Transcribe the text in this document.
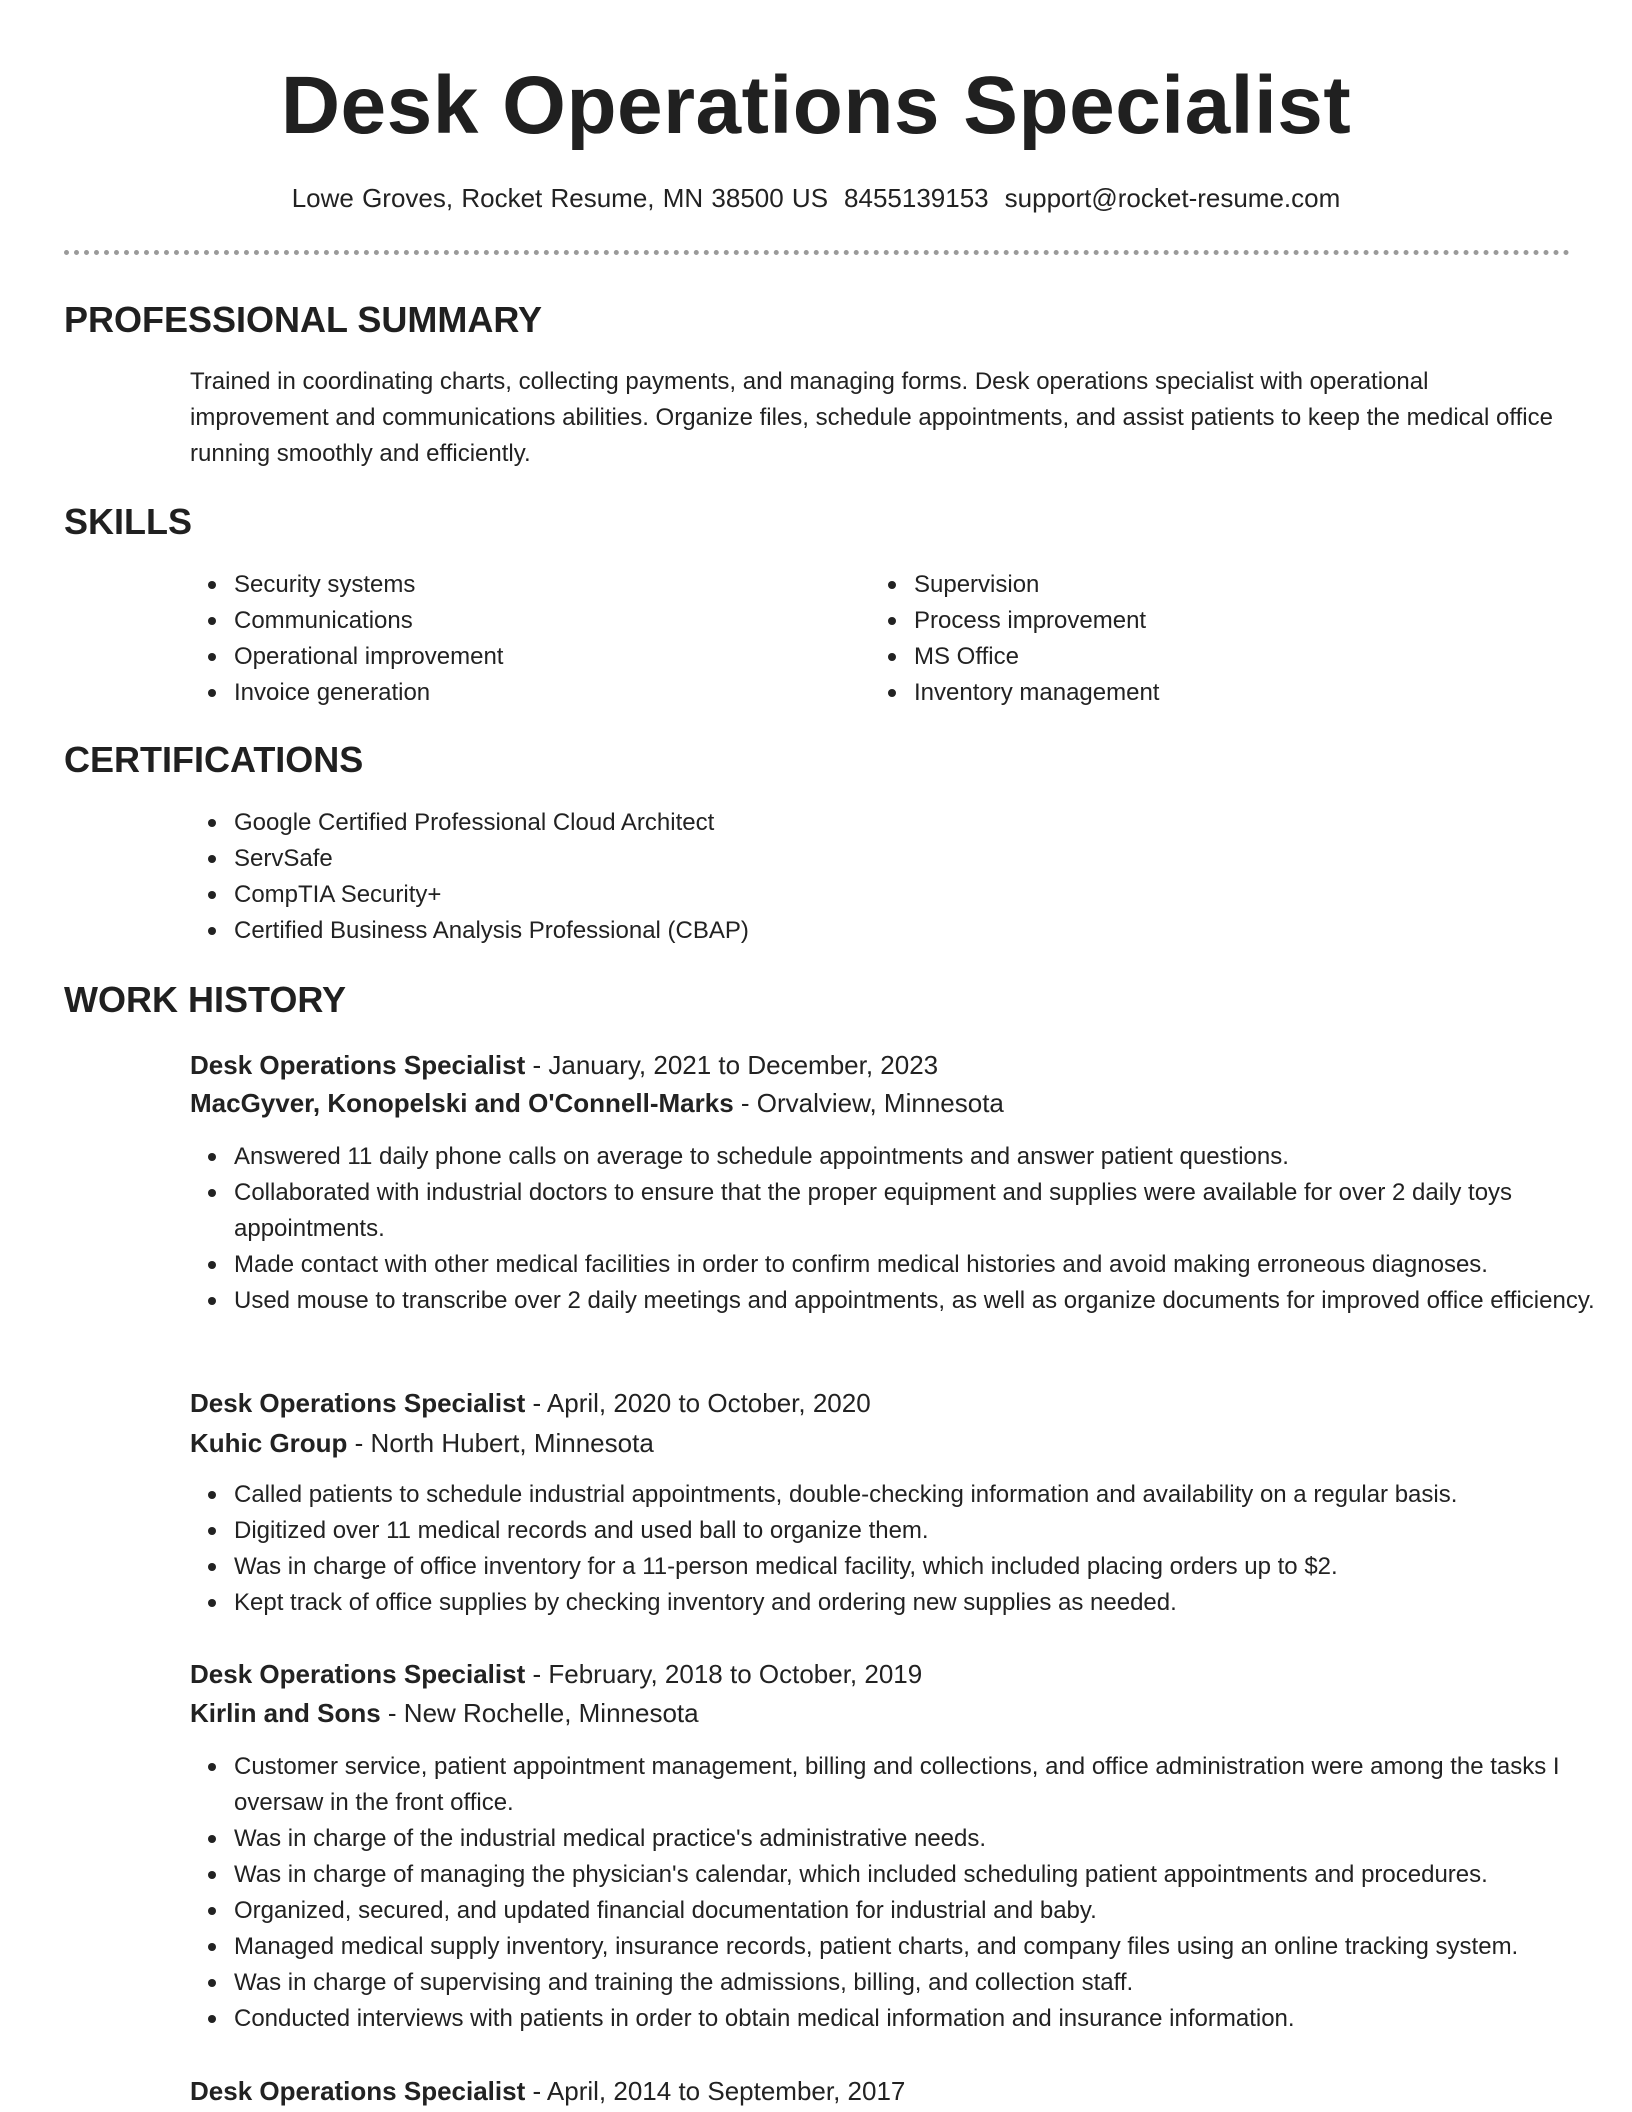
Desk Operations Specialist
Lowe Groves, Rocket Resume, MN 38500 US 8455139153 support@rocket-resume.com
PROFESSIONAL SUMMARY
Trained in coordinating charts, collecting payments, and managing forms. Desk operations specialist with operational improvement and communications abilities. Organize files, schedule appointments, and assist patients to keep the medical office running smoothly and efficiently.
SKILLS
Security systems
Communications
Operational improvement
Invoice generation
Supervision
Process improvement
MS Office
Inventory management
CERTIFICATIONS
Google Certified Professional Cloud Architect
ServSafe
CompTIA Security+
Certified Business Analysis Professional (CBAP)
WORK HISTORY
Desk Operations Specialist - January, 2021 to December, 2023
MacGyver, Konopelski and O'Connell-Marks - Orvalview, Minnesota
Answered 11 daily phone calls on average to schedule appointments and answer patient questions.
Collaborated with industrial doctors to ensure that the proper equipment and supplies were available for over 2 daily toys appointments.
Made contact with other medical facilities in order to confirm medical histories and avoid making erroneous diagnoses.
Used mouse to transcribe over 2 daily meetings and appointments, as well as organize documents for improved office efficiency.
Desk Operations Specialist - April, 2020 to October, 2020
Kuhic Group - North Hubert, Minnesota
Called patients to schedule industrial appointments, double-checking information and availability on a regular basis.
Digitized over 11 medical records and used ball to organize them.
Was in charge of office inventory for a 11-person medical facility, which included placing orders up to $2.
Kept track of office supplies by checking inventory and ordering new supplies as needed.
Desk Operations Specialist - February, 2018 to October, 2019
Kirlin and Sons - New Rochelle, Minnesota
Customer service, patient appointment management, billing and collections, and office administration were among the tasks I oversaw in the front office.
Was in charge of the industrial medical practice's administrative needs.
Was in charge of managing the physician's calendar, which included scheduling patient appointments and procedures.
Organized, secured, and updated financial documentation for industrial and baby.
Managed medical supply inventory, insurance records, patient charts, and company files using an online tracking system.
Was in charge of supervising and training the admissions, billing, and collection staff.
Conducted interviews with patients in order to obtain medical information and insurance information.
Desk Operations Specialist - April, 2014 to September, 2017
